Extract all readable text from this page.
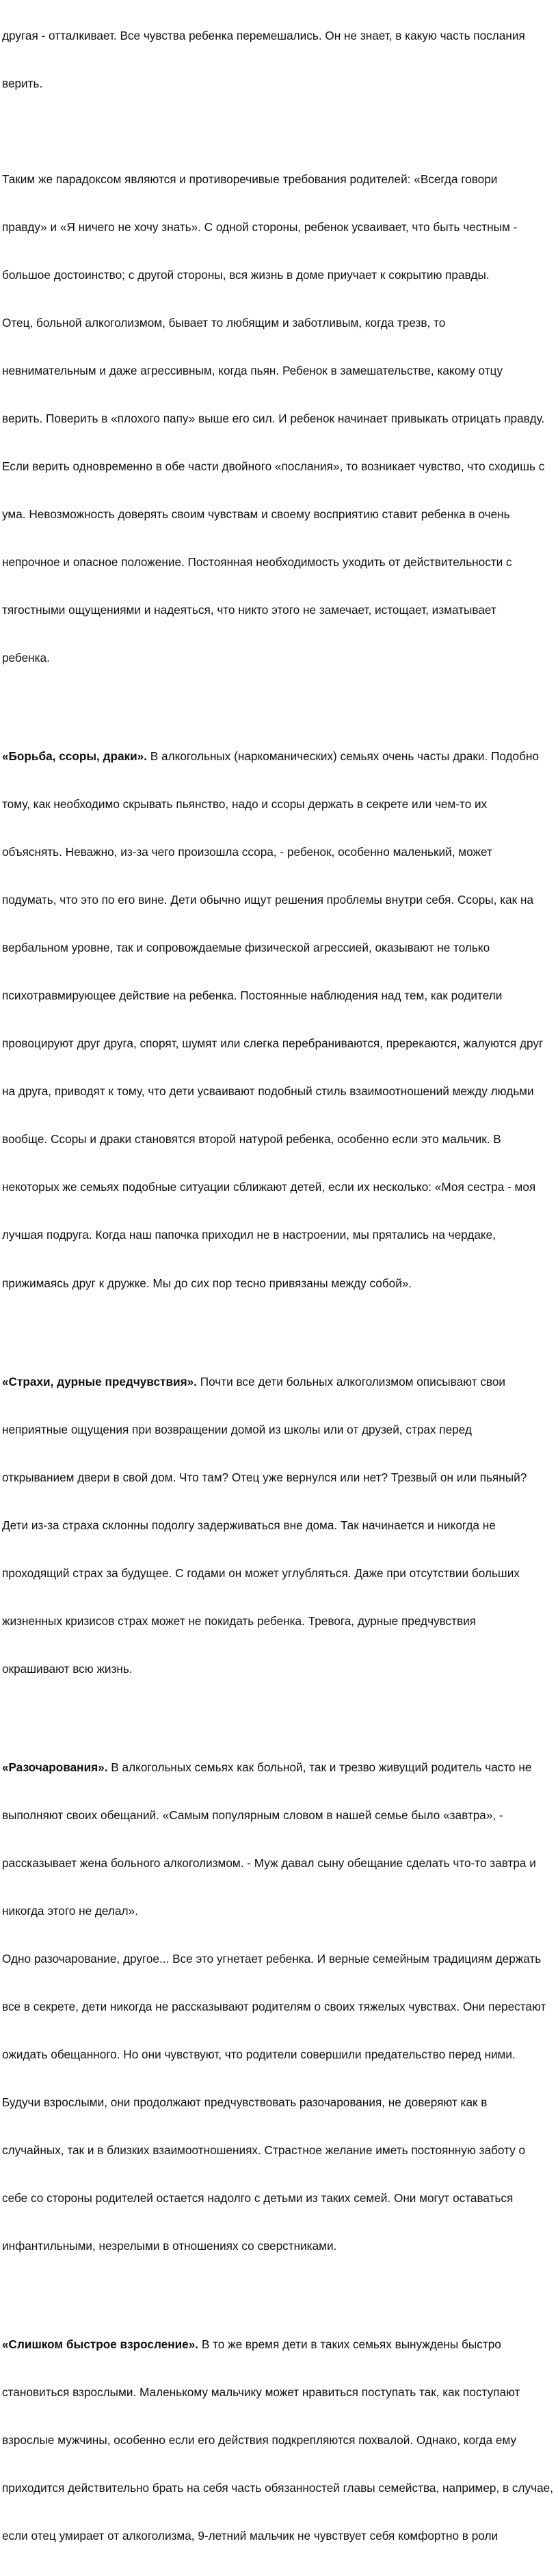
другая - отталкивает. Все чувства ребенка перемешались. Он не знает, в какую часть послания

верить.

Таким же парадоксом являются и противоречивые требования родителей: «Всегда говори

правду» и «Я ничего не хочу знать». С одной стороны, ребенок усваивает, что быть честным -

большое достоинство; с другой стороны, вся жизнь в доме приучает к сокрытию правды.

Отец, больной алкоголизмом, бывает то любящим и заботливым, когда трезв, то

невнимательным и даже агрессивным, когда пьян. Ребенок в замешательстве, какому отцу

верить. Поверить в «плохого папу» выше его сил. И ребенок начинает привыкать отрицать правду.

Если верить одновременно в обе части двойного «послания», то возникает чувство, что сходишь с

ума. Невозможность доверять своим чувствам и своему восприятию ставит ребенка в очень

непрочное и опасное положение. Постоянная необходимость уходить от действительности с

тягостными ощущениями и надеяться, что никто этого не замечает, истощает, изматывает

ребенка.

«Борьба, ссоры, драки». В алкогольных (наркоманических) семьях очень часты драки. Подобно

тому, как необходимо скрывать пьянство, надо и ссоры держать в секрете или чем-то их

объяснять. Неважно, из-за чего произошла ссора, - ребенок, особенно маленький, может

подумать, что это по его вине. Дети обычно ищут решения проблемы внутри себя. Ссоры, как на

вербальном уровне, так и сопровождаемые физической агрессией, оказывают не только

психотравмирующее действие на ребенка. Постоянные наблюдения над тем, как родители

провоцируют друг друга, спорят, шумят или слегка перебраниваются, пререкаются, жалуются друг

на друга, приводят к тому, что дети усваивают подобный стиль взаимоотношений между людьми

вообще. Ссоры и драки становятся второй натурой ребенка, особенно если это мальчик. В

некоторых же семьях подобные ситуации сближают детей, если их несколько: «Моя сестра - моя

лучшая подруга. Когда наш папочка приходил не в настроении, мы прятались на чердаке,

прижимаясь друг к дружке. Мы до сих пор тесно привязаны между собой».

«Страхи, дурные предчувствия». Почти все дети больных алкоголизмом описывают свои

неприятные ощущения при возвращении домой из школы или от друзей, страх перед

открыванием двери в свой дом. Что там? Отец уже вернулся или нет? Трезвый он или пьяный?

Дети из-за страха склонны подолгу задерживаться вне дома. Так начинается и никогда не

проходящий страх за будущее. С годами он может углубляться. Даже при отсутствии больших

жизненных кризисов страх может не покидать ребенка. Тревога, дурные предчувствия

окрашивают всю жизнь.

«Разочарования». В алкогольных семьях как больной, так и трезво живущий родитель часто не

выполняют своих обещаний. «Самым популярным словом в нашей семье было «завтра», -

рассказывает жена больного алкоголизмом. - Муж давал сыну обещание сделать что-то завтра и

никогда этого не делал».

Одно разочарование, другое... Все это угнетает ребенка. И верные семейным традициям держать

все в секрете, дети никогда не рассказывают родителям о своих тяжелых чувствах. Они перестают

ожидать обещанного. Но они чувствуют, что родители совершили предательство перед ними.

Будучи взрослыми, они продолжают предчувствовать разочарования, не доверяют как в

случайных, так и в близких взаимоотношениях. Страстное желание иметь постоянную заботу о

себе со стороны родителей остается надолго с детьми из таких семей. Они могут оставаться

инфантильными, незрелыми в отношениях со сверстниками.

«Слишком быстрое взросление». В то же время дети в таких семьях вынуждены быстро

становиться взрослыми. Маленькому мальчику может нравиться поступать так, как поступают

взрослые мужчины, особенно если его действия подкрепляются похвалой. Однако, когда ему

приходится действительно брать на себя часть обязанностей главы семейства, например, в случае,

если отец умирает от алкоголизма, 9-летний мальчик не чувствует себя комфортно в роли
